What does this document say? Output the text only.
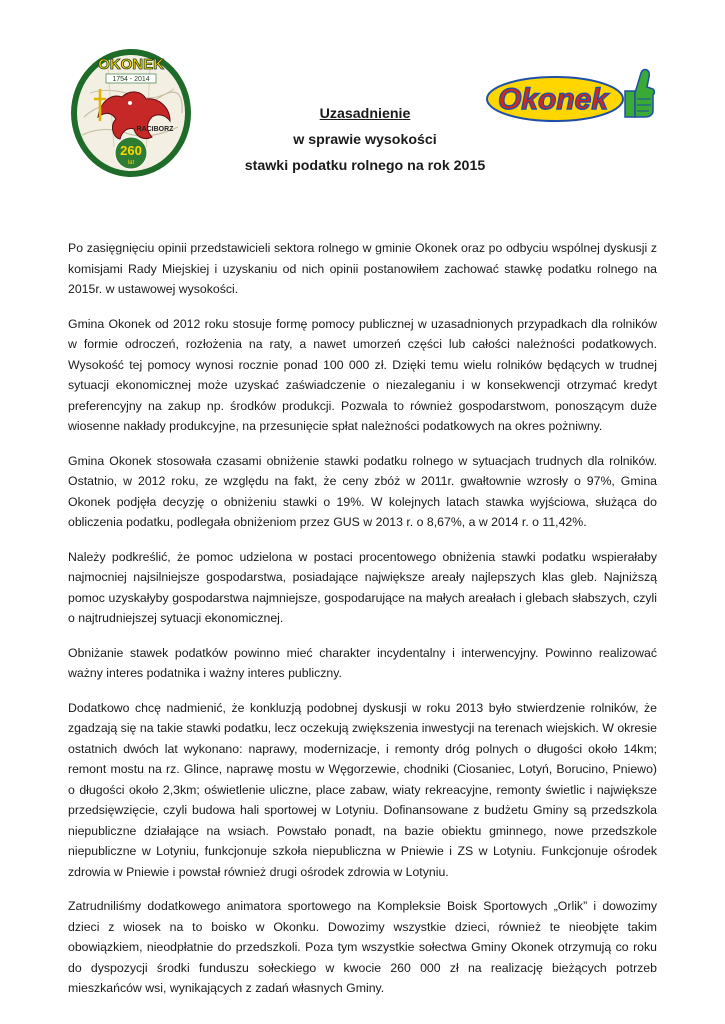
OKONEK
1754 - 2014
RACIBORZ
260
lat
Okonek

Uzasadnienie

w sprawie wysokości

stawki podatku rolnego na rok 2015

Po zasięgnięciu opinii przedstawicieli sektora rolnego w gminie Okonek oraz po odbyciu wspólnej dyskusji z komisjami Rady Miejskiej i uzyskaniu od nich opinii postanowiłem zachować stawkę podatku rolnego na 2015r. w ustawowej wysokości.

Gmina Okonek od 2012 roku stosuje formę pomocy publicznej w uzasadnionych przypadkach dla rolników w formie odroczeń, rozłożenia na raty, a nawet umorzeń części lub całości należności podatkowych. Wysokość tej pomocy wynosi rocznie ponad 100 000 zł. Dzięki temu wielu rolników będących w trudnej sytuacji ekonomicznej może uzyskać zaświadczenie o niezaleganiu i w konsekwencji otrzymać kredyt preferencyjny na zakup np. środków produkcji. Pozwala to również gospodarstwom, ponoszącym duże wiosenne nakłady produkcyjne, na przesunięcie spłat należności podatkowych na okres pożniwny.

Gmina Okonek stosowała czasami obniżenie stawki podatku rolnego w sytuacjach trudnych dla rolników. Ostatnio, w 2012 roku, ze względu na fakt, że ceny zbóż w 2011r. gwałtownie wzrosły o 97%, Gmina Okonek podjęła decyzję o obniżeniu stawki o 19%. W kolejnych latach stawka wyjściowa, służąca do obliczenia podatku, podlegała obniżeniom przez GUS w 2013 r. o 8,67%, a w 2014 r. o 11,42%.

Należy podkreślić, że pomoc udzielona w postaci procentowego obniżenia stawki podatku wspierałaby najmocniej najsilniejsze gospodarstwa, posiadające największe areały najlepszych klas gleb. Najniższą pomoc uzyskałyby gospodarstwa najmniejsze, gospodarujące na małych areałach i glebach słabszych, czyli o najtrudniejszej sytuacji ekonomicznej.

Obniżanie stawek podatków powinno mieć charakter incydentalny i interwencyjny. Powinno realizować ważny interes podatnika i ważny interes publiczny.

Dodatkowo chcę nadmienić, że konkluzją podobnej dyskusji w roku 2013 było stwierdzenie rolników, że zgadzają się na takie stawki podatku, lecz oczekują zwiększenia inwestycji na terenach wiejskich. W okresie ostatnich dwóch lat wykonano: naprawy, modernizacje, i remonty dróg polnych o długości około 14km; remont mostu na rz. Glince, naprawę mostu w Węgorzewie, chodniki (Ciosaniec, Lotyń, Borucino, Pniewo) o długości około 2,3km; oświetlenie uliczne, place zabaw, wiaty rekreacyjne, remonty świetlic i największe przedsięwzięcie, czyli budowa hali sportowej w Lotyniu. Dofinansowane z budżetu Gminy są przedszkola niepubliczne działające na wsiach. Powstało ponadt, na bazie obiektu gminnego, nowe przedszkole niepubliczne w Lotyniu, funkcjonuje szkoła niepubliczna w Pniewie i ZS w Lotyniu. Funkcjonuje ośrodek zdrowia w Pniewie i powstał również drugi ośrodek zdrowia w Lotyniu.

Zatrudniliśmy dodatkowego animatora sportowego na Kompleksie Boisk Sportowych „Orlik” i dowozimy dzieci z wiosek na to boisko w Okonku. Dowozimy wszystkie dzieci, również te nieobjęte takim obowiązkiem, nieodpłatnie do przedszkoli. Poza tym wszystkie sołectwa Gminy Okonek otrzymują co roku do dyspozycji środki funduszu sołeckiego w kwocie 260 000 zł na realizację bieżących potrzeb mieszkańców wsi, wynikających z zadań własnych Gminy.
